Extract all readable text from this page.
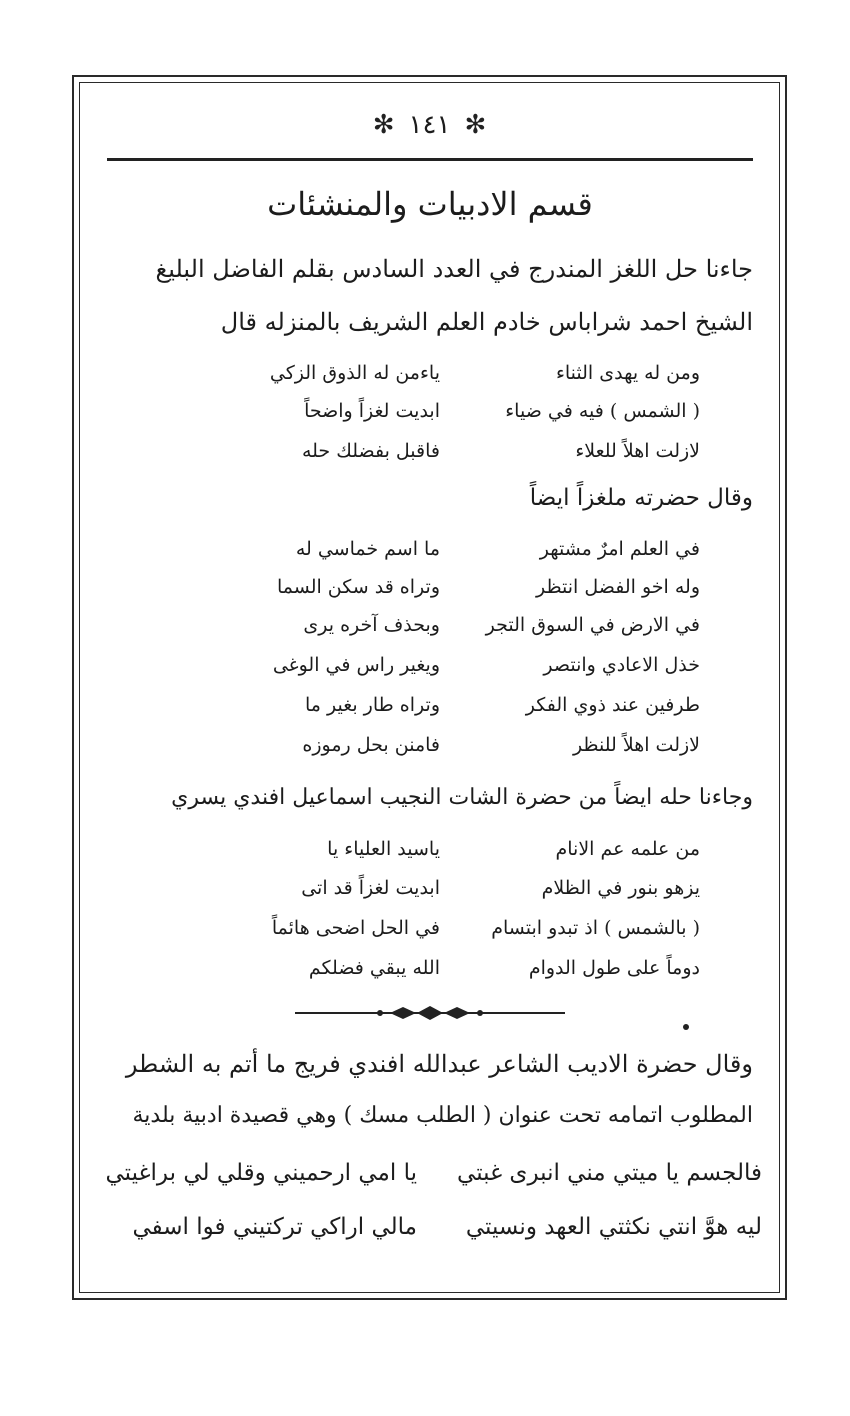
✻ ١٤١ ✻
قسم الادبيات والمنشئات
جاءنا حل اللغز المندرج في العدد السادس بقلم الفاضل البليغ
الشيخ احمد شراباس خادم العلم الشريف بالمنزله قال
ياءمن له الذوق الزكي	ومن له يهدى الثناء
ابديت لغزاً واضحاً	( الشمس ) فيه في ضياء
فاقبل بفضلك حله	لازلت اهلاً للعلاء
وقال حضرته ملغزاً ايضاً
ما اسم خماسي له	في العلم امرٌ مشتهر
وتراه قد سكن السما	وله اخو الفضل انتظر
وبحذف آخره يرى	في الارض في السوق التجر
ويغير راس في الوغى	خذل الاعادي وانتصر
وتراه طار بغير ما	طرفين عند ذوي الفكر
فامنن بحل رموزه	لازلت اهلاً للنظر
وجاءنا حله ايضاً من حضرة الشات النجيب اسماعيل افندي يسري
ياسيد العلياء يا	من علمه عم الانام
ابديت لغزاً قد اتى	يزهو بنور في الظلام
في الحل اضحى هائماً	( بالشمس ) اذ تبدو ابتسام
الله يبقي فضلكم	دوماً على طول الدوام
وقال حضرة الاديب الشاعر عبدالله افندي فريج ما أتم به الشطر
المطلوب اتمامه تحت عنوان ( الطلب مسك ) وهي قصيدة ادبية بلدية
يا امي ارحميني وقلي لي براغيتي	فالجسم يا ميتي مني انبرى غبتي
مالي اراكي تركتيني فوا اسفي	ليه هوَّ انتي نكثتي العهد ونسيتي
